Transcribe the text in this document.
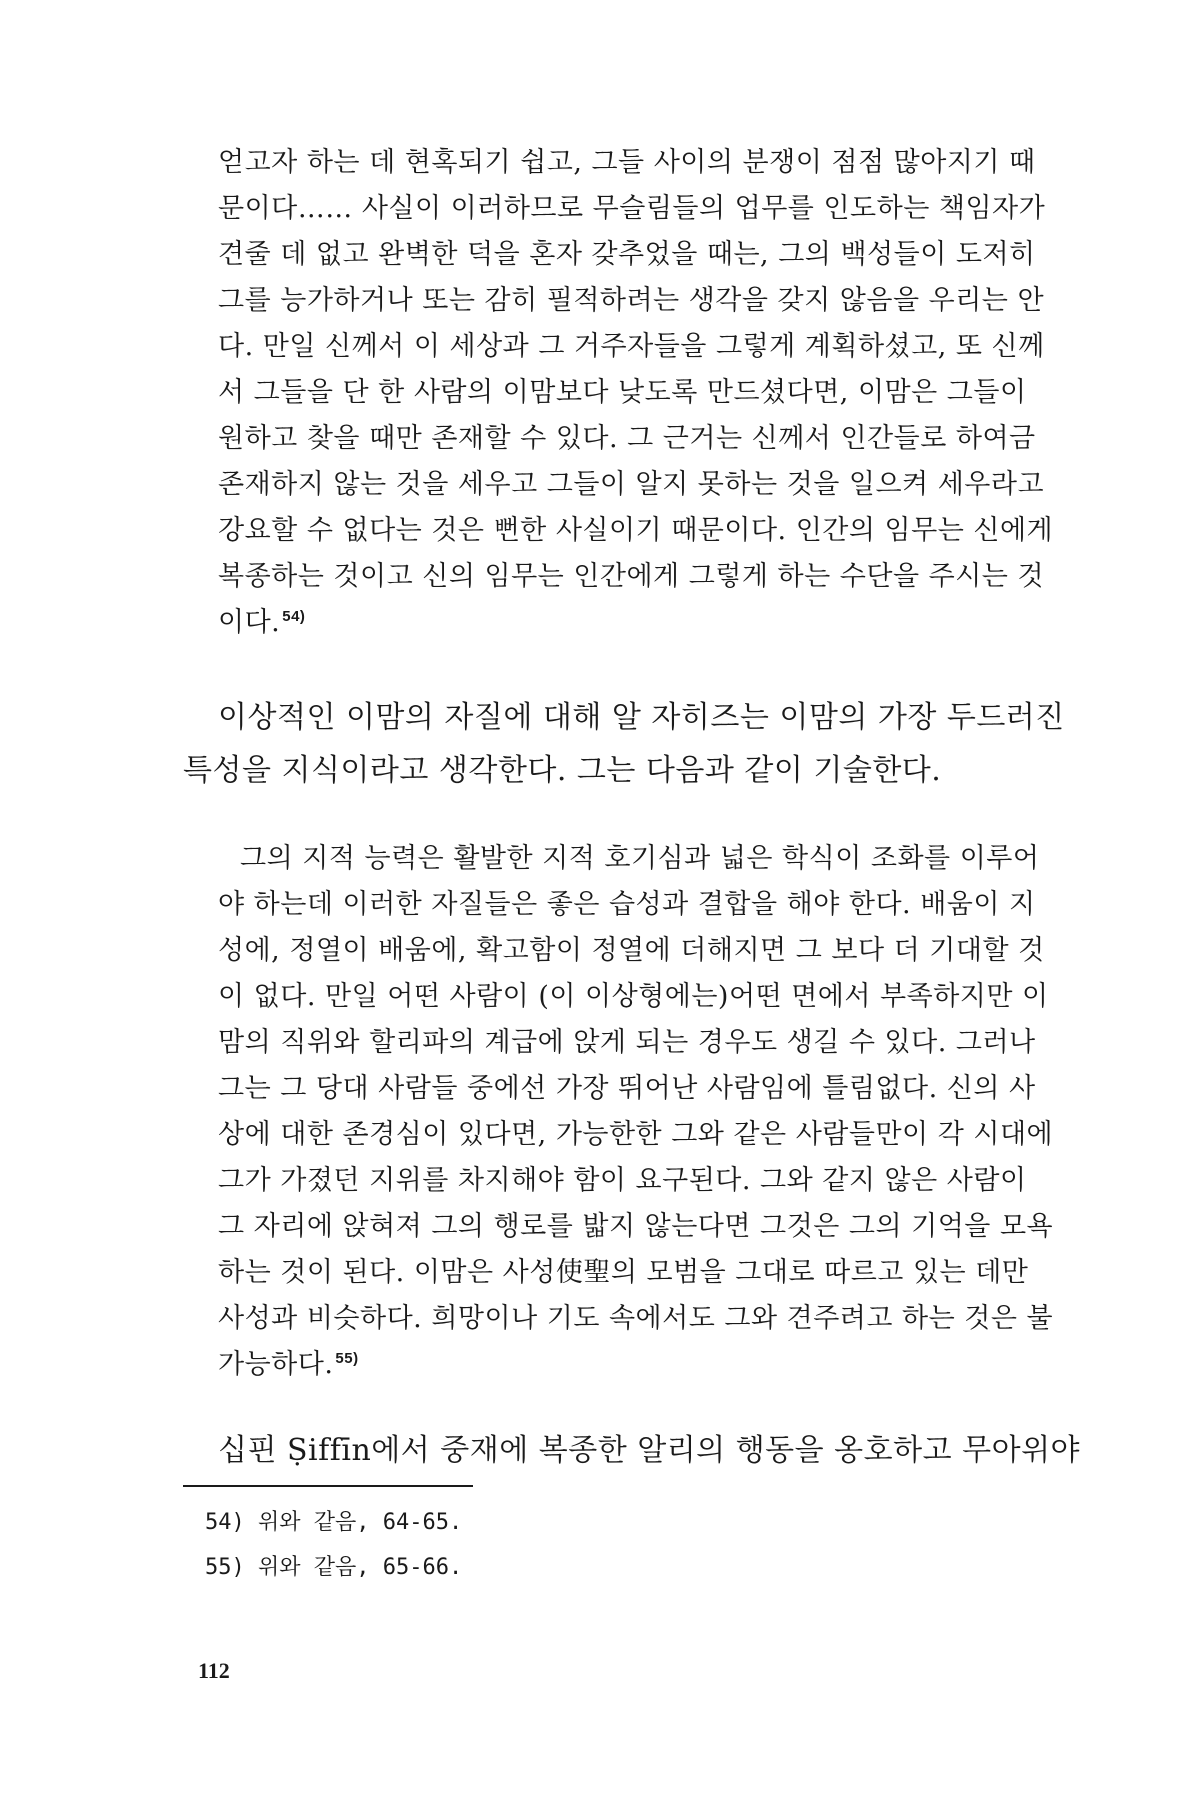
얻고자 하는 데 현혹되기 쉽고, 그들 사이의 분쟁이 점점 많아지기 때
문이다…… 사실이 이러하므로 무슬림들의 업무를 인도하는 책임자가
견줄 데 없고 완벽한 덕을 혼자 갖추었을 때는, 그의 백성들이 도저히
그를 능가하거나 또는 감히 필적하려는 생각을 갖지 않음을 우리는 안
다. 만일 신께서 이 세상과 그 거주자들을 그렇게 계획하셨고, 또 신께
서 그들을 단 한 사람의 이맘보다 낮도록 만드셨다면, 이맘은 그들이
원하고 찾을 때만 존재할 수 있다. 그 근거는 신께서 인간들로 하여금
존재하지 않는 것을 세우고 그들이 알지 못하는 것을 일으켜 세우라고
강요할 수 없다는 것은 뻔한 사실이기 때문이다. 인간의 임무는 신에게
복종하는 것이고 신의 임무는 인간에게 그렇게 하는 수단을 주시는 것
이다. $^{54)}$
이상적인 이맘의 자질에 대해 알 자히즈는 이맘의 가장 두드러진
특성을 지식이라고 생각한다. 그는 다음과 같이 기술한다.
그의 지적 능력은 활발한 지적 호기심과 넓은 학식이 조화를 이루어
야 하는데 이러한 자질들은 좋은 습성과 결합을 해야 한다. 배움이 지
성에, 정열이 배움에, 확고함이 정열에 더해지면 그 보다 더 기대할 것
이 없다. 만일 어떤 사람이 (이 이상형에는)어떤 면에서 부족하지만 이
맘의 직위와 할리파의 계급에 앉게 되는 경우도 생길 수 있다. 그러나
그는 그 당대 사람들 중에선 가장 뛰어난 사람임에 틀림없다. 신의 사
상에 대한 존경심이 있다면, 가능한한 그와 같은 사람들만이 각 시대에
그가 가졌던 지위를 차지해야 함이 요구된다. 그와 같지 않은 사람이
그 자리에 앉혀져 그의 행로를 밟지 않는다면 그것은 그의 기억을 모욕
하는 것이 된다. 이맘은 사성使聖의 모범을 그대로 따르고 있는 데만
사성과 비슷하다. 희망이나 기도 속에서도 그와 견주려고 하는 것은 불
가능하다. $^{55)}$
십핀 Ṣiffīn에서 중재에 복종한 알리의 행동을 옹호하고 무아위야
54) 위와 같음, 64-65.
55) 위와 같음, 65-66.
112
